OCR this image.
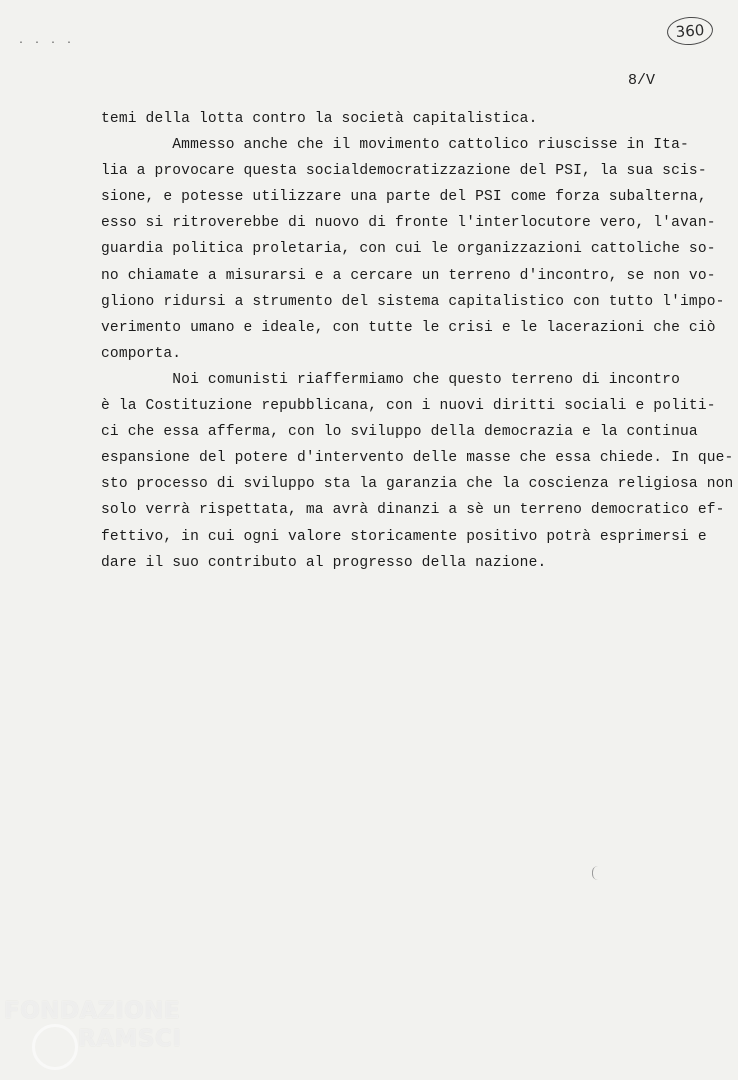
· · · ·
360
8/V
temi della lotta contro la società capitalistica.
Ammesso anche che il movimento cattolico riuscisse in Ita-
lia a provocare questa socialdemocratizzazione del PSI, la sua scis-
sione, e potesse utilizzare una parte del PSI come forza subalterna,
esso si ritroverebbe di nuovo di fronte l'interlocutore vero, l'avan-
guardia politica proletaria, con cui le organizzazioni cattoliche so-
no chiamate a misurarsi e a cercare un terreno d'incontro, se non vo-
gliono ridursi a strumento del sistema capitalistico con tutto l'impo-
verimento umano e ideale, con tutte le crisi e le lacerazioni che ciò
comporta.
Noi comunisti riaffermiamo che questo terreno di incontro
è la Costituzione repubblicana, con i nuovi diritti sociali e politi-
ci che essa afferma, con lo sviluppo della democrazia e la continua
espansione del potere d'intervento delle masse che essa chiede. In que-
sto processo di sviluppo sta la garanzia che la coscienza religiosa non
solo verrà rispettata, ma avrà dinanzi a sè un terreno democratico ef-
fettivo, in cui ogni valore storicamente positivo potrà esprimersi e
dare il suo contributo al progresso della nazione.
FONDAZIONE
RAMSCI
